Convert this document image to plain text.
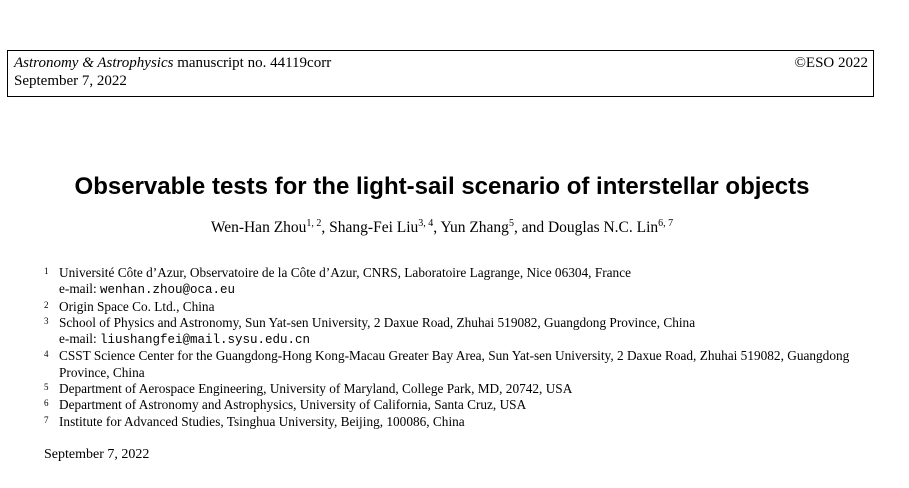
Astronomy & Astrophysics manuscript no. 44119corr
September 7, 2022
©ESO 2022
Observable tests for the light-sail scenario of interstellar objects
Wen-Han Zhou$^{1, 2}$, Shang-Fei Liu$^{3, 4}$, Yun Zhang$^5$, and Douglas N.C. Lin$^{6, 7}$
1 Université Côte d’Azur, Observatoire de la Côte d’Azur, CNRS, Laboratoire Lagrange, Nice 06304, France
e-mail: wenhan.zhou@oca.eu
2 Origin Space Co. Ltd., China
3 School of Physics and Astronomy, Sun Yat-sen University, 2 Daxue Road, Zhuhai 519082, Guangdong Province, China
e-mail: liushangfei@mail.sysu.edu.cn
4 CSST Science Center for the Guangdong-Hong Kong-Macau Greater Bay Area, Sun Yat-sen University, 2 Daxue Road, Zhuhai 519082, Guangdong Province, China
5 Department of Aerospace Engineering, University of Maryland, College Park, MD, 20742, USA
6 Department of Astronomy and Astrophysics, University of California, Santa Cruz, USA
7 Institute for Advanced Studies, Tsinghua University, Beijing, 100086, China
September 7, 2022
